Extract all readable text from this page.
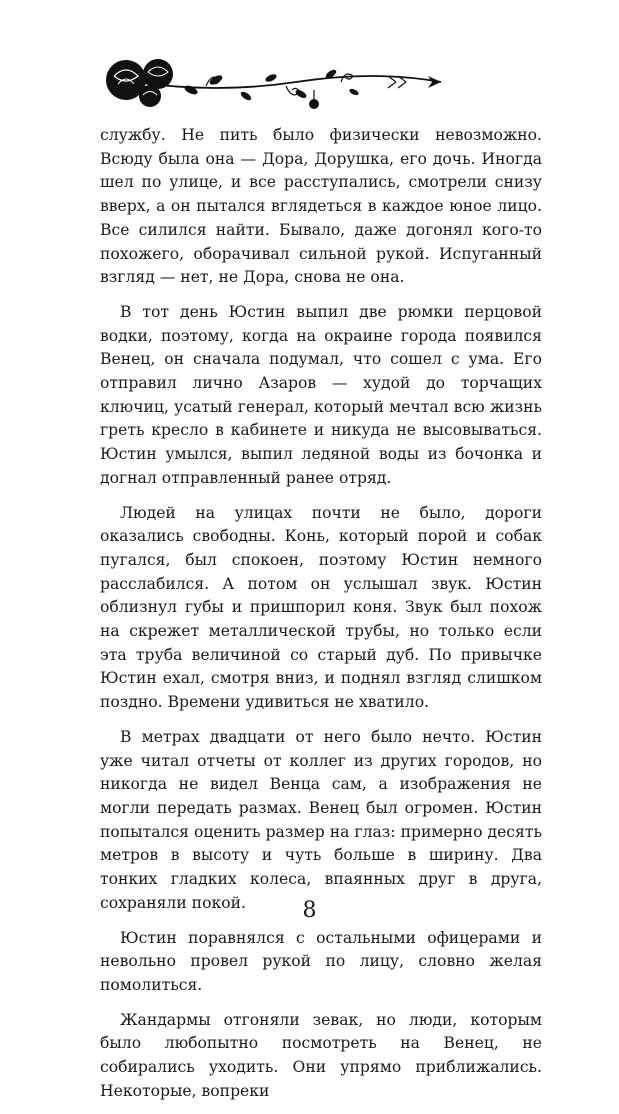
службу. Не пить было физически невозможно. Всюду была она — Дора, Дорушка, его дочь. Иногда шел по улице, и все расступались, смотрели снизу вверх, а он пытался вглядеться в каждое юное лицо. Все силился найти. Бывало, даже догонял кого-то похожего, оборачивал сильной рукой. Испуганный взгляд — нет, не Дора, снова не она.

В тот день Юстин выпил две рюмки перцовой водки, поэтому, когда на окраине города появился Венец, он сначала подумал, что сошел с ума. Его отправил лично Азаров — худой до торчащих ключиц, усатый генерал, который мечтал всю жизнь греть кресло в кабинете и никуда не высовываться. Юстин умылся, выпил ледяной воды из бочонка и догнал отправленный ранее отряд.

Людей на улицах почти не было, дороги оказались свободны. Конь, который порой и собак пугался, был спокоен, поэтому Юстин немного расслабился. А потом он услышал звук. Юстин облизнул губы и пришпорил коня. Звук был похож на скрежет металлической трубы, но только если эта труба величиной со старый дуб. По привычке Юстин ехал, смотря вниз, и поднял взгляд слишком поздно. Времени удивиться не хватило.

В метрах двадцати от него было нечто. Юстин уже читал отчеты от коллег из других городов, но никогда не видел Венца сам, а изображения не могли передать размах. Венец был огромен. Юстин попытался оценить размер на глаз: примерно десять метров в высоту и чуть больше в ширину. Два тонких гладких колеса, впаянных друг в друга, сохраняли покой.

Юстин поравнялся с остальными офицерами и невольно провел рукой по лицу, словно желая помолиться.

Жандармы отгоняли зевак, но люди, которым было любопытно посмотреть на Венец, не собирались уходить. Они упрямо приближались. Некоторые, вопреки

8
